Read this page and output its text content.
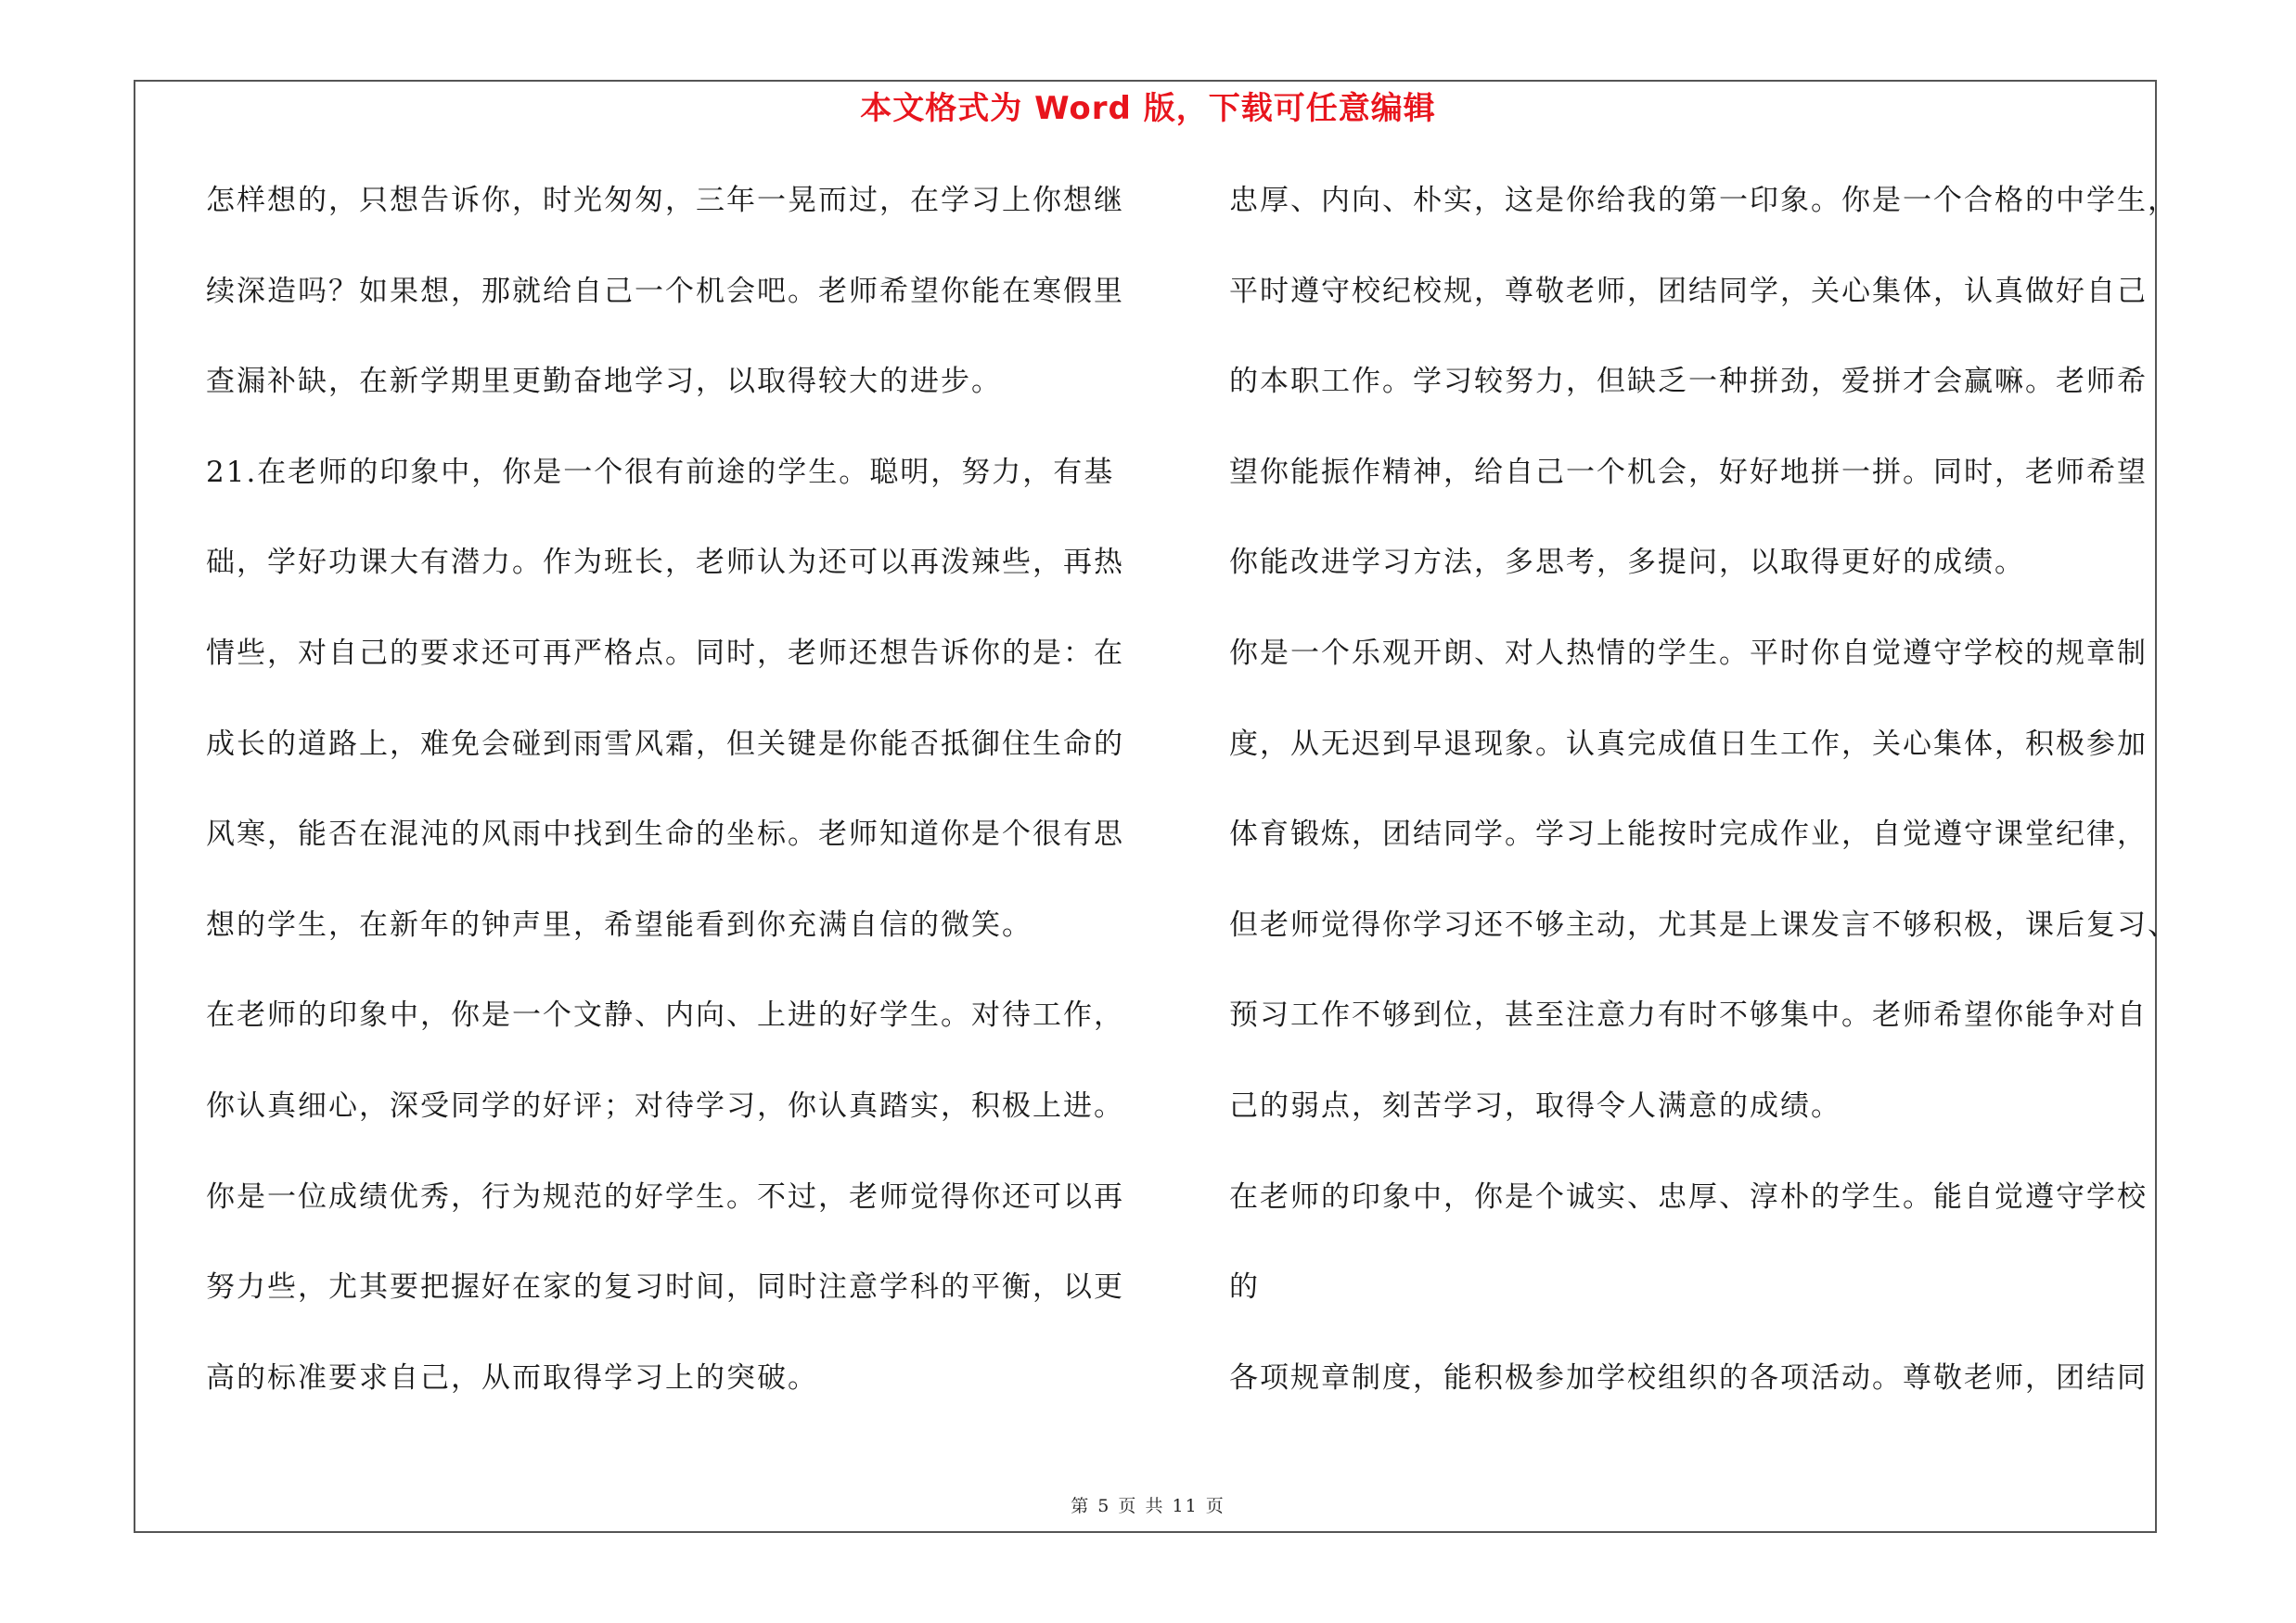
本文格式为 Word 版，下载可任意编辑
怎样想的，只想告诉你，时光匆匆，三年一晃而过，在学习上你想继
续深造吗？如果想，那就给自己一个机会吧。老师希望你能在寒假里
查漏补缺，在新学期里更勤奋地学习，以取得较大的进步。
21.在老师的印象中，你是一个很有前途的学生。聪明，努力，有基
础，学好功课大有潜力。作为班长，老师认为还可以再泼辣些，再热
情些，对自己的要求还可再严格点。同时，老师还想告诉你的是：在
成长的道路上，难免会碰到雨雪风霜，但关键是你能否抵御住生命的
风寒，能否在混沌的风雨中找到生命的坐标。老师知道你是个很有思
想的学生，在新年的钟声里，希望能看到你充满自信的微笑。
在老师的印象中，你是一个文静、内向、上进的好学生。对待工作，
你认真细心，深受同学的好评；对待学习，你认真踏实，积极上进。
你是一位成绩优秀，行为规范的好学生。不过，老师觉得你还可以再
努力些，尤其要把握好在家的复习时间，同时注意学科的平衡，以更
高的标准要求自己，从而取得学习上的突破。
忠厚、内向、朴实，这是你给我的第一印象。你是一个合格的中学生，
平时遵守校纪校规，尊敬老师，团结同学，关心集体，认真做好自己
的本职工作。学习较努力，但缺乏一种拼劲，爱拼才会赢嘛。老师希
望你能振作精神，给自己一个机会，好好地拼一拼。同时，老师希望
你能改进学习方法，多思考，多提问，以取得更好的成绩。
你是一个乐观开朗、对人热情的学生。平时你自觉遵守学校的规章制
度，从无迟到早退现象。认真完成值日生工作，关心集体，积极参加
体育锻炼，团结同学。学习上能按时完成作业，自觉遵守课堂纪律，
但老师觉得你学习还不够主动，尤其是上课发言不够积极，课后复习、
预习工作不够到位，甚至注意力有时不够集中。老师希望你能争对自
己的弱点，刻苦学习，取得令人满意的成绩。
在老师的印象中，你是个诚实、忠厚、淳朴的学生。能自觉遵守学校
的
各项规章制度，能积极参加学校组织的各项活动。尊敬老师，团结同
第 5 页 共 11 页
